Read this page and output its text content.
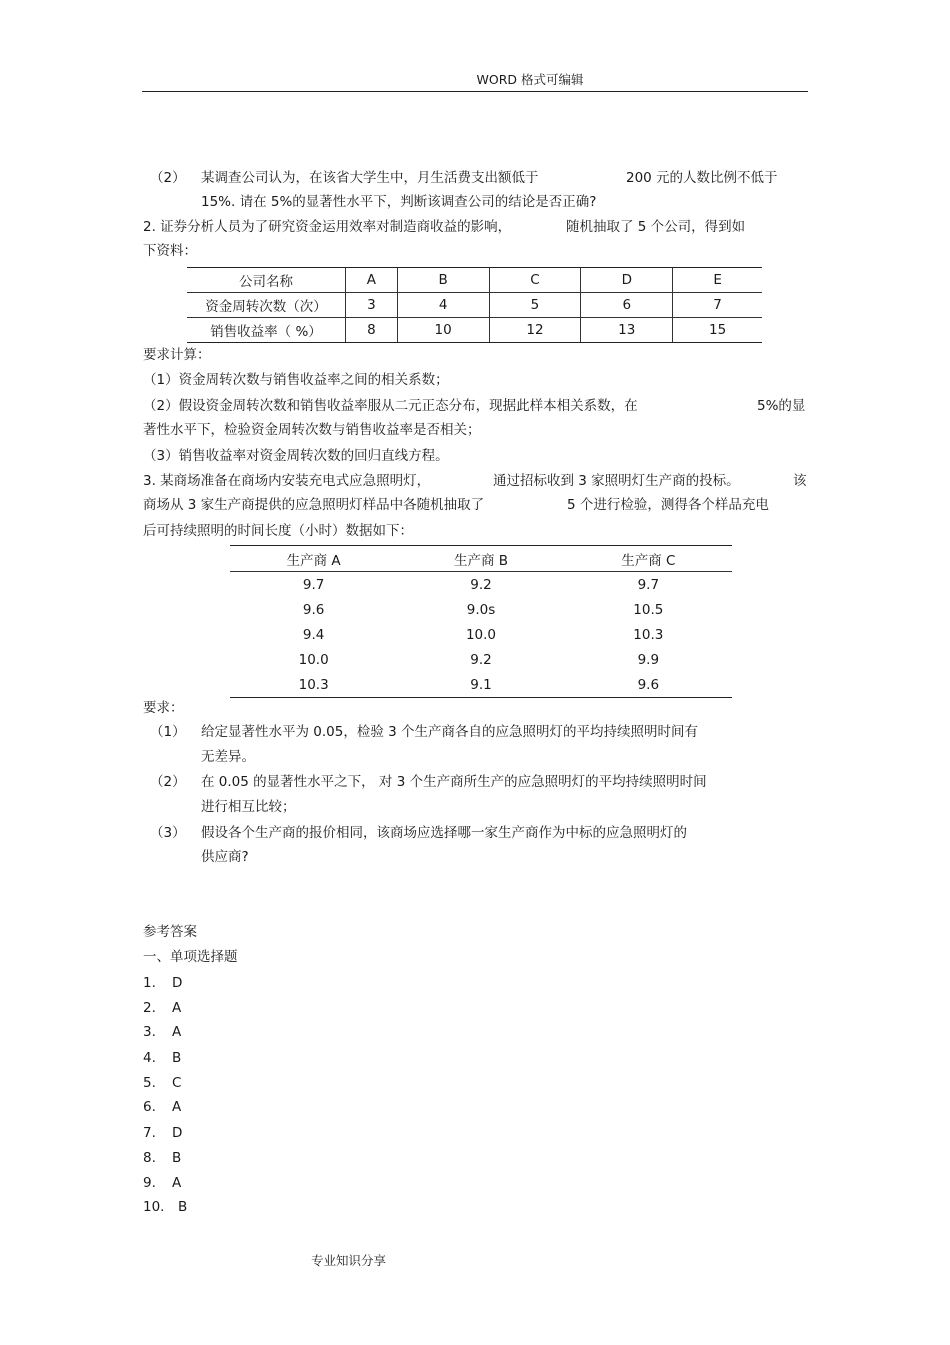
WORD 格式可编辑
（2） 某调查公司认为，在该省大学生中，月生活费支出额低于	200 元的人数比例不低于
15%. 请在 5%的显著性水平下，判断该调查公司的结论是否正确?
2. 证券分析人员为了研究资金运用效率对制造商收益的影响，	随机抽取了 5 个公司，得到如
下资料：
公司名称	A	B	C	D	E
资金周转次数（次）	3	4	5	6	7
销售收益率（ %）	8	10	12	13	15
要求计算：
（1）资金周转次数与销售收益率之间的相关系数；
（2）假设资金周转次数和销售收益率服从二元正态分布，现据此样本相关系数，在	5%的显
著性水平下，检验资金周转次数与销售收益率是否相关；
（3）销售收益率对资金周转次数的回归直线方程。
3. 某商场准备在商场内安装充电式应急照明灯，	通过招标收到 3 家照明灯生产商的投标。	该
商场从 3 家生产商提供的应急照明灯样品中各随机抽取了	5 个进行检验，测得各个样品充电
后可持续照明的时间长度（小时）数据如下：
生产商 A	生产商 B	生产商 C
9.7	9.2	9.7
9.6	9.0s	10.5
9.4	10.0	10.3
10.0	9.2	9.9
10.3	9.1	9.6
要求：
（1） 给定显著性水平为 0.05，检验 3 个生产商各自的应急照明灯的平均持续照明时间有
无差异。
（2） 在 0.05 的显著性水平之下， 对 3 个生产商所生产的应急照明灯的平均持续照明时间
进行相互比较；
（3） 假设各个生产商的报价相同，该商场应选择哪一家生产商作为中标的应急照明灯的
供应商?
参考答案
一、单项选择题
1. D
2. A
3. A
4. B
5. C
6. A
7. D
8. B
9. A
10. B
专业知识分享
